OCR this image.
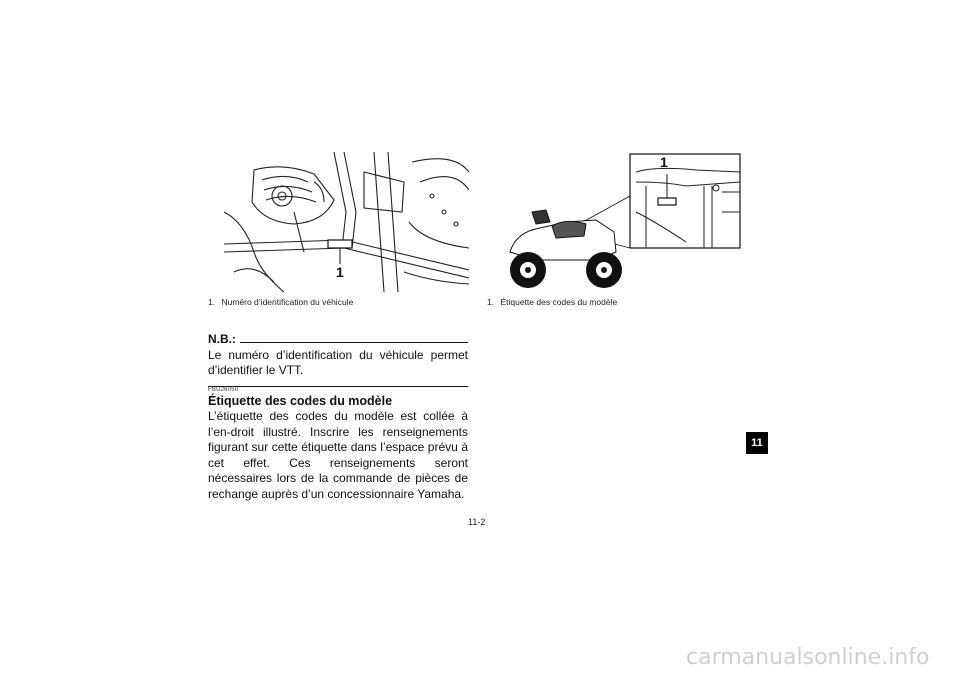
1
1. Numéro d’identification du véhicule
1
1. Étiquette des codes du modèle
N.B.:
Le numéro d’identification du véhicule permet d’identifier le VTT.
FBU26050
Étiquette des codes du modèle
L’étiquette des codes du modèle est collée à l’en-droit illustré. Inscrire les renseignements figurant sur cette étiquette dans l’espace prévu à cet effet. Ces renseignements seront nécessaires lors de la commande de pièces de rechange auprès d’un concessionnaire Yamaha.
11
11-2
carmanualsonline.info
